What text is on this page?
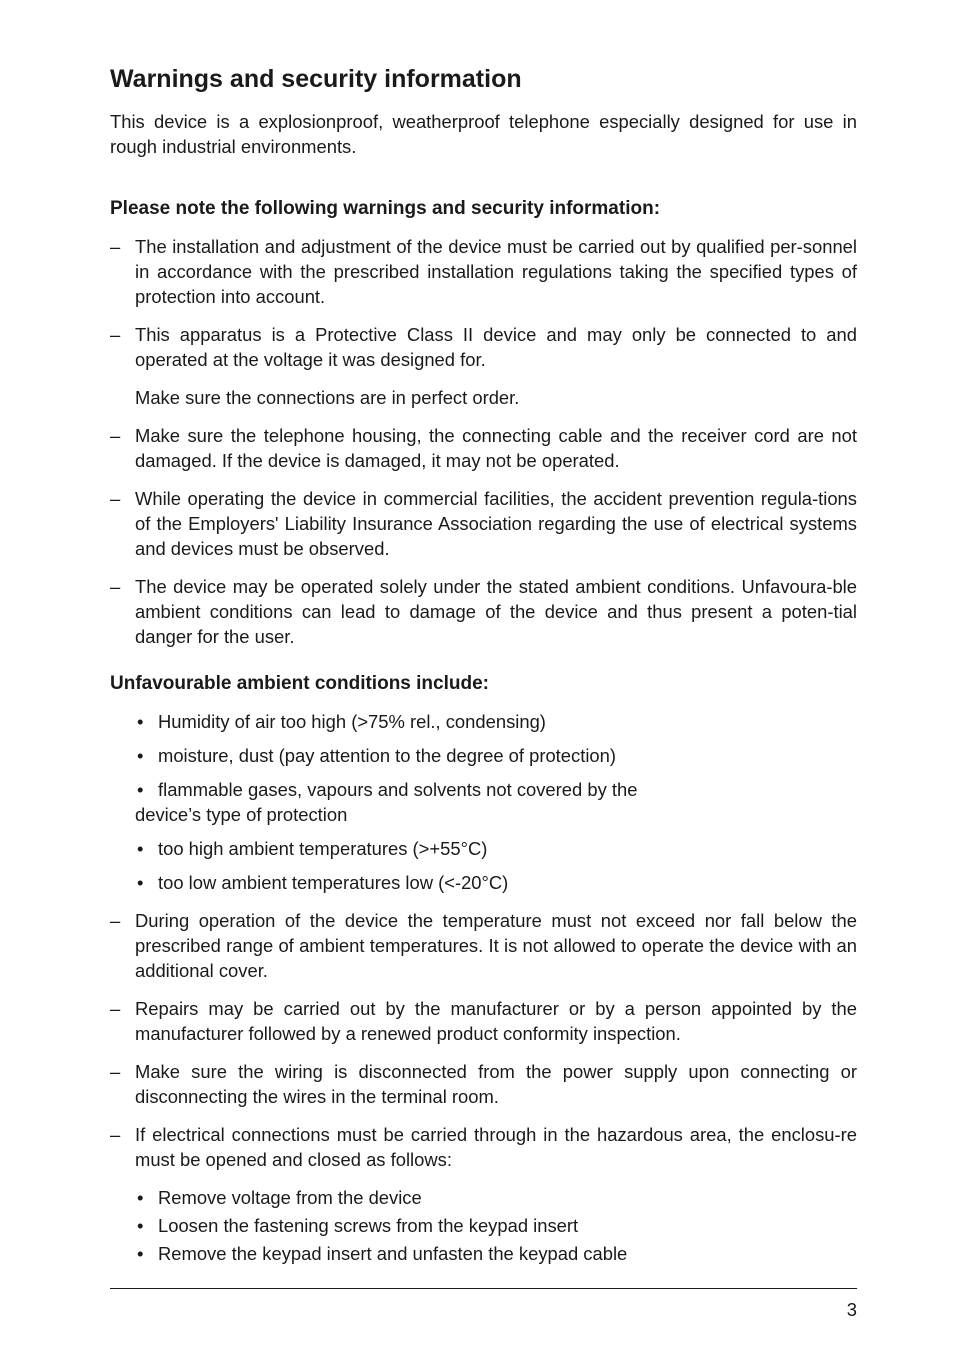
Warnings and security information

This device is a explosionproof, weatherproof telephone especially designed for use in rough industrial environments.

Please note the following warnings and security information:
– The installation and adjustment of the device must be carried out by qualified per-sonnel in accordance with the prescribed installation regulations taking the specified types of protection into account.
– This apparatus is a Protective Class II device and may only be connected to and operated at the voltage it was designed for.

Make sure the connections are in perfect order.

– Make sure the telephone housing, the connecting cable and the receiver cord are not damaged. If the device is damaged, it may not be operated.
– While operating the device in commercial facilities, the accident prevention regula-tions of the Employers' Liability Insurance Association regarding the use of electrical systems and devices must be observed.
– The device may be operated solely under the stated ambient conditions. Unfavoura-ble ambient conditions can lead to damage of the device and thus present a poten-tial danger for the user.
Unfavourable ambient conditions include:
• Humidity of air too high (>75% rel., condensing)
• moisture, dust (pay attention to the degree of protection)
• flammable gases, vapours and solvents not covered by the
device’s type of protection
• too high ambient temperatures (>+55°C)
• too low ambient temperatures low (<-20°C)
– During operation of the device the temperature must not exceed nor fall below the prescribed range of ambient temperatures. It is not allowed to operate the device with an additional cover.
– Repairs may be carried out by the manufacturer or by a person appointed by the manufacturer followed by a renewed product conformity inspection.
– Make sure the wiring is disconnected from the power supply upon connecting or disconnecting the wires in the terminal room.
– If electrical connections must be carried through in the hazardous area, the enclosu-re must be opened and closed as follows:
• Remove voltage from the device
• Loosen the fastening screws from the keypad insert
• Remove the keypad insert and unfasten the keypad cable
3
